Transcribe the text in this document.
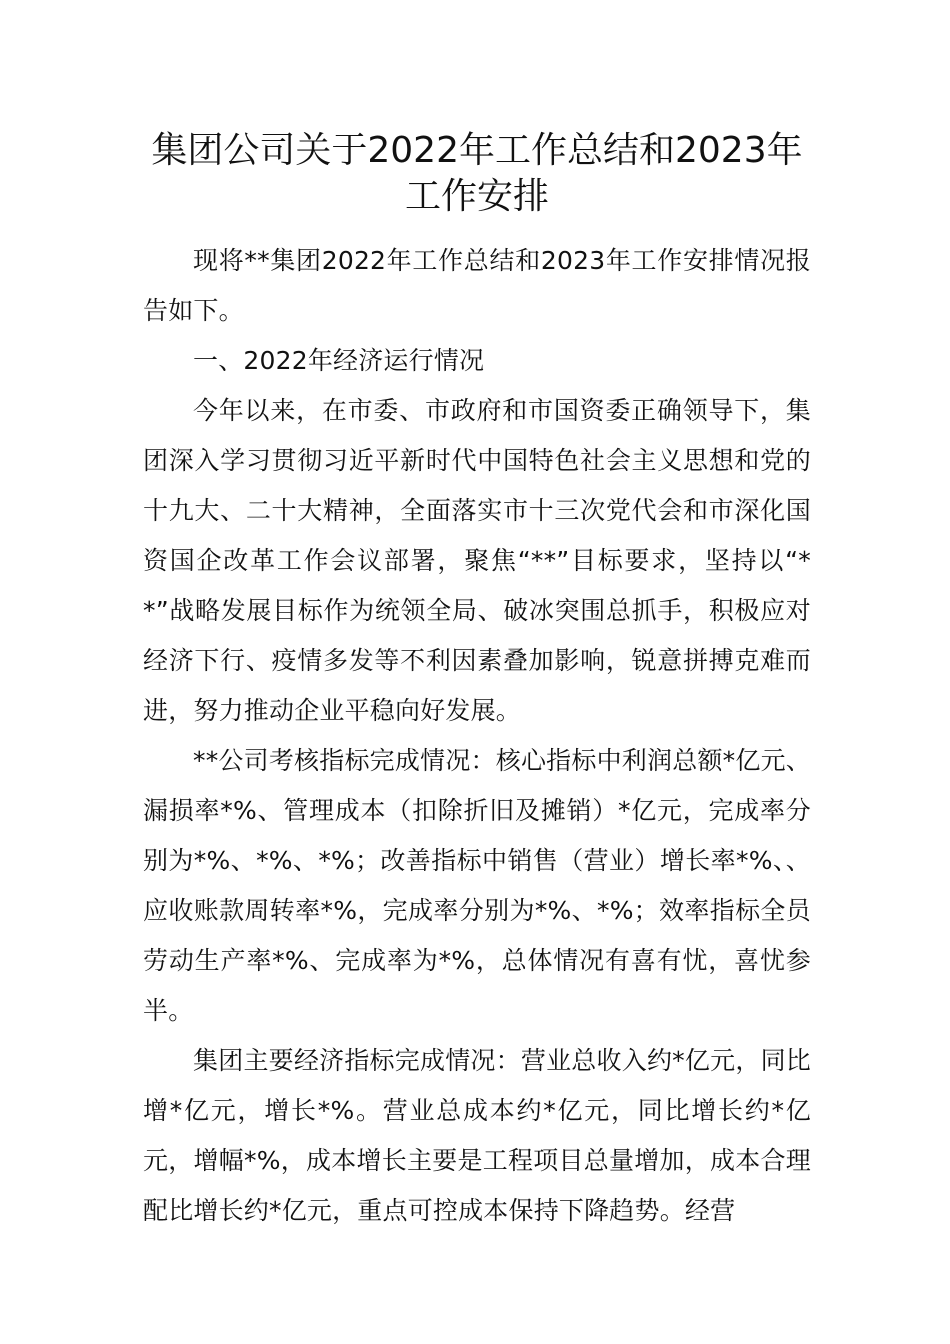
集团公司关于2022年工作总结和2023年工作安排

现将**集团2022年工作总结和2023年工作安排情况报告如下。

一、2022年经济运行情况

今年以来，在市委、市政府和市国资委正确领导下，集团深入学习贯彻习近平新时代中国特色社会主义思想和党的十九大、二十大精神，全面落实市十三次党代会和市深化国资国企改革工作会议部署，聚焦“**”目标要求，坚持以“**”战略发展目标作为统领全局、破冰突围总抓手，积极应对经济下行、疫情多发等不利因素叠加影响，锐意拼搏克难而进，努力推动企业平稳向好发展。

**公司考核指标完成情况：核心指标中利润总额*亿元、漏损率*%、管理成本（扣除折旧及摊销）*亿元，完成率分别为*%、*%、*%；改善指标中销售（营业）增长率*%、、应收账款周转率*%，完成率分别为*%、*%；效率指标全员劳动生产率*%、完成率为*%，总体情况有喜有忧，喜忧参半。

集团主要经济指标完成情况：营业总收入约*亿元，同比增*亿元，增长*%。营业总成本约*亿元，同比增长约*亿元，增幅*%，成本增长主要是工程项目总量增加，成本合理配比增长约*亿元，重点可控成本保持下降趋势。经营
